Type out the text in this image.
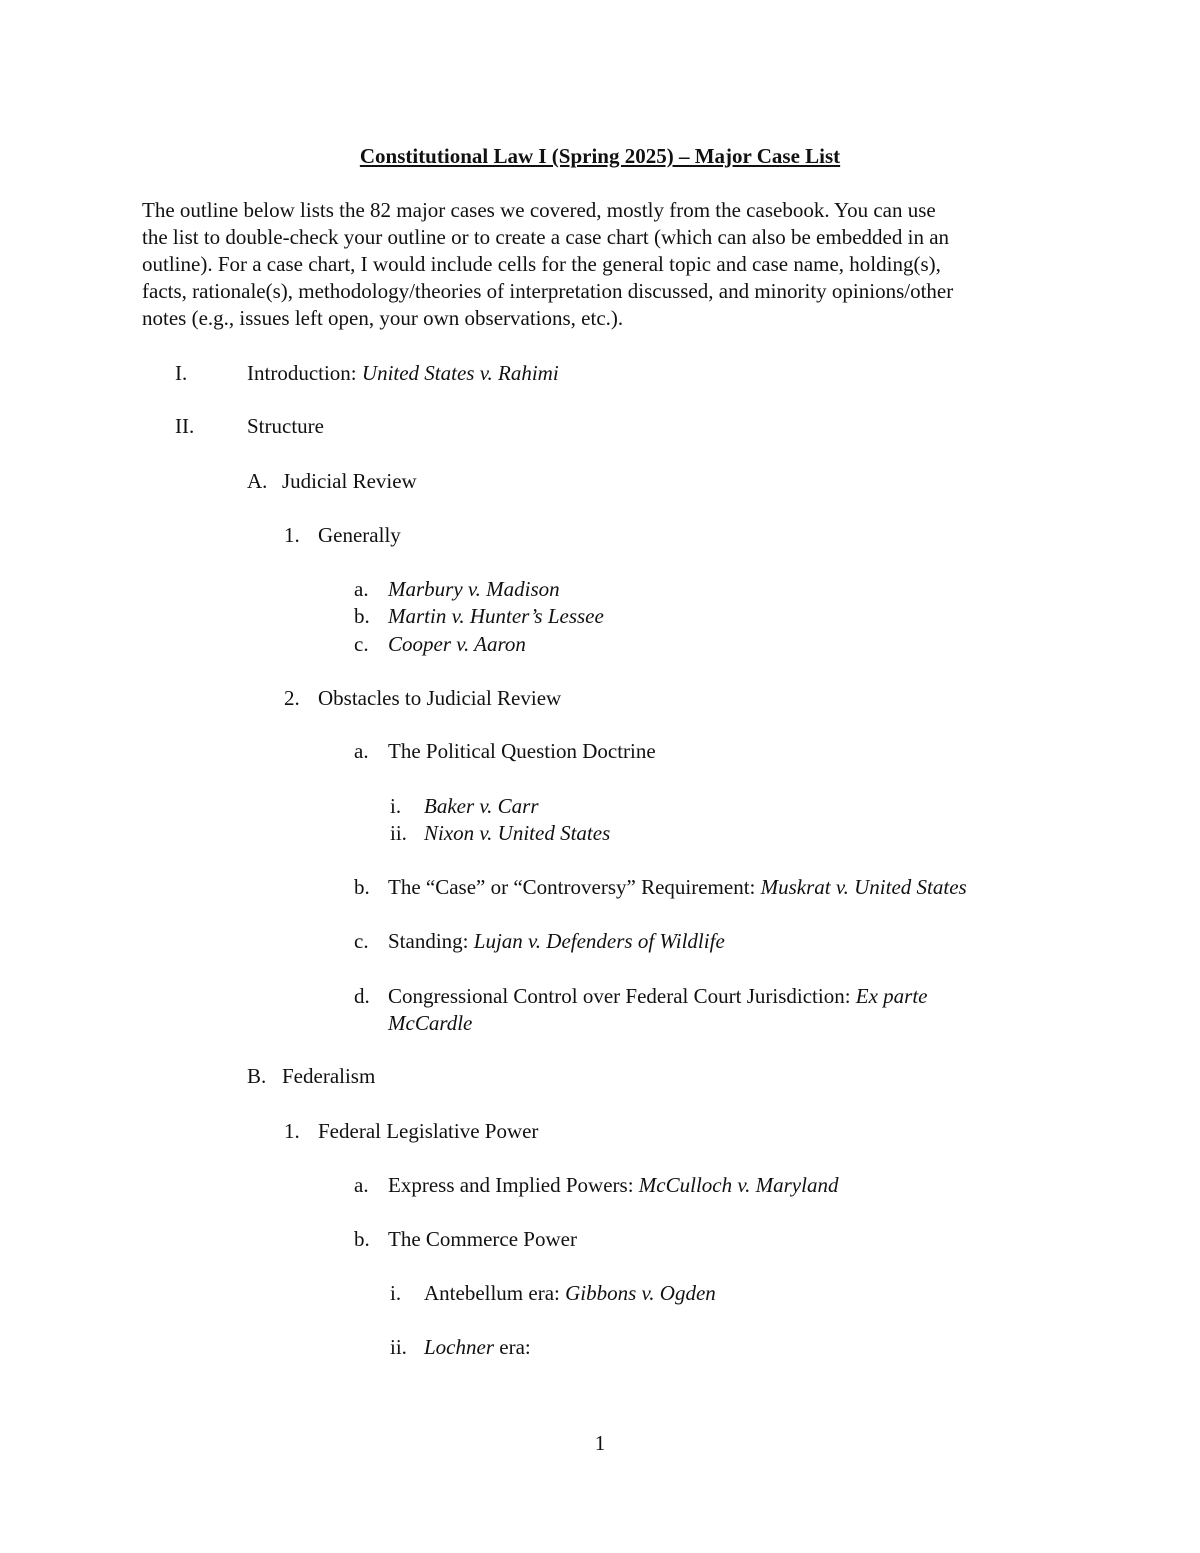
Constitutional Law I (Spring 2025) – Major Case List
The outline below lists the 82 major cases we covered, mostly from the casebook. You can use
the list to double-check your outline or to create a case chart (which can also be embedded in an
outline). For a case chart, I would include cells for the general topic and case name, holding(s),
facts, rationale(s), methodology/theories of interpretation discussed, and minority opinions/other
notes (e.g., issues left open, your own observations, etc.).
I.	Introduction: United States v. Rahimi
II.	Structure
A. Judicial Review
1. Generally
a. Marbury v. Madison
b. Martin v. Hunter’s Lessee
c. Cooper v. Aaron
2. Obstacles to Judicial Review
a. The Political Question Doctrine
i. Baker v. Carr
ii. Nixon v. United States
b. The “Case” or “Controversy” Requirement: Muskrat v. United States
c. Standing: Lujan v. Defenders of Wildlife
d. Congressional Control over Federal Court Jurisdiction: Ex parte
McCardle
B. Federalism
1. Federal Legislative Power
a. Express and Implied Powers: McCulloch v. Maryland
b. The Commerce Power
i. Antebellum era: Gibbons v. Ogden
ii. Lochner era:
1
